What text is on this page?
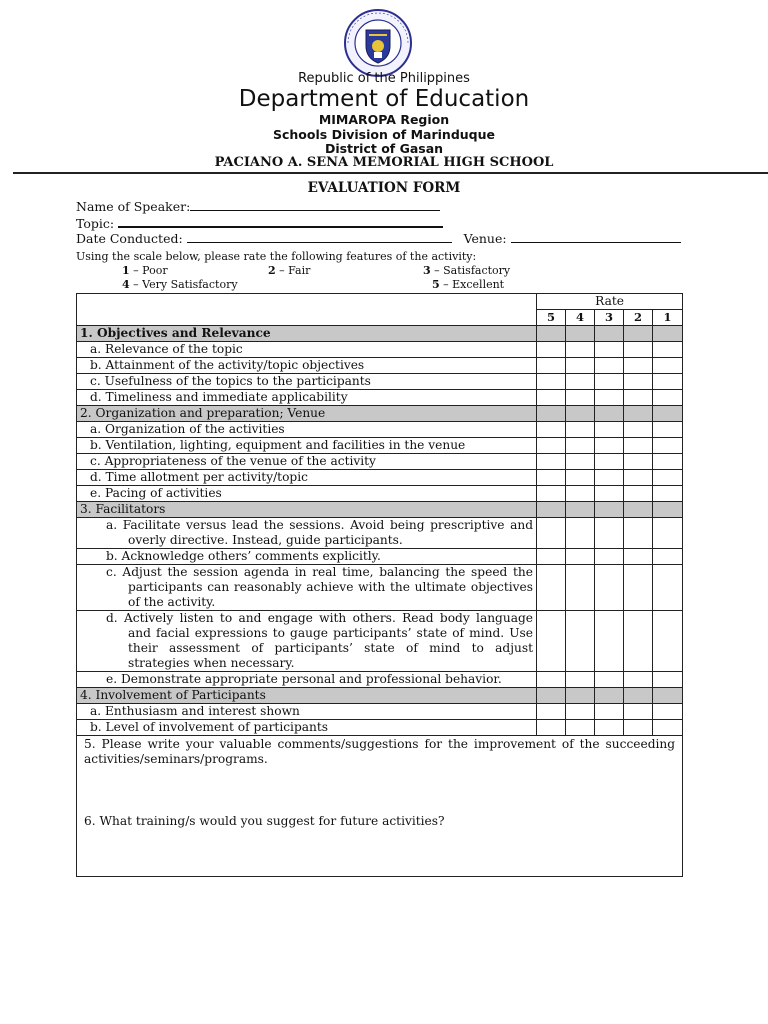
Republic of the Philippines
Department of Education
MIMAROPA Region
Schools Division of Marinduque
District of Gasan
PACIANO A. SENA MEMORIAL HIGH SCHOOL
EVALUATION FORM
Name of Speaker:
Topic:
Date Conducted:	Venue:
Using the scale below, please rate the following features of the activity:
1 – Poor	2 – Fair	3 – Satisfactory
4 – Very Satisfactory	5 – Excellent
	Rate				
	5	4	3	2	1
1. Objectives and Relevance					

a. Relevance of the topic					

b. Attainment of the activity/topic objectives					

c. Usefulness of the topics to the participants					

d. Timeliness and immediate applicability					

2. Organization and preparation; Venue					

a. Organization of the activities					

b. Ventilation, lighting, equipment and facilities in the venue					

c. Appropriateness of the venue of the activity					

d. Time allotment per activity/topic					

e. Pacing of activities					

3. Facilitators					

a. Facilitate versus lead the sessions. Avoid being prescriptive and overly directive. Instead, guide participants.					

b. Acknowledge others’ comments explicitly.					

c. Adjust the session agenda in real time, balancing the speed the participants can reasonably achieve with the ultimate objectives of the activity.					

d. Actively listen to and engage with others. Read body language and facial expressions to gauge participants’ state of mind. Use their assessment of participants’ state of mind to adjust strategies when necessary.					

e. Demonstrate appropriate personal and professional behavior.					

4. Involvement of Participants					

a. Enthusiasm and interest shown					

b. Level of involvement of participants					

5. Please write your valuable comments/suggestions for the improvement of the succeeding activities/seminars/programs.
6. What training/s would you suggest for future activities?					
